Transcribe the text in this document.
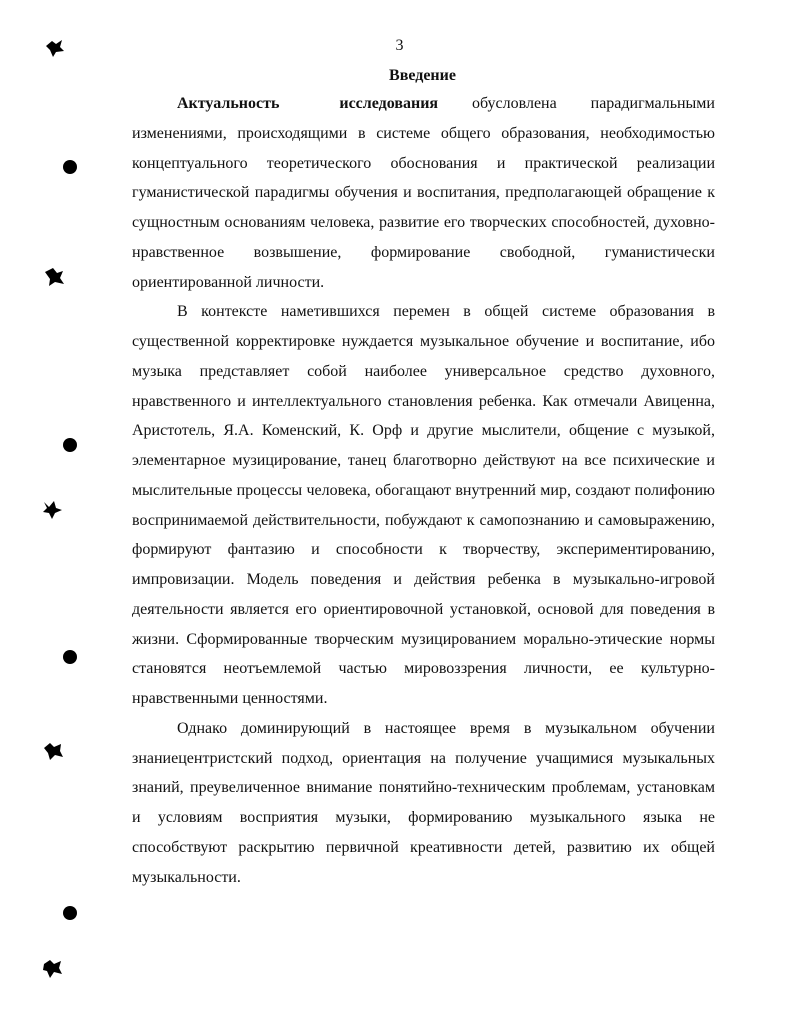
3
Введение

Актуальность исследования обусловлена парадигмальными изменениями, происходящими в системе общего образования, необходимостью концептуального теоретического обоснования и практической реализации гуманистической парадигмы обучения и воспитания, предполагающей обращение к сущностным основаниям человека, развитие его творческих способностей, духовно-нравственное возвышение, формирование свободной, гуманистически ориентированной личности.

В контексте наметившихся перемен в общей системе образования в существенной корректировке нуждается музыкальное обучение и воспитание, ибо музыка представляет собой наиболее универсальное средство духовного, нравственного и интеллектуального становления ребенка. Как отмечали Авиценна, Аристотель, Я.А. Коменский, К. Орф и другие мыслители, общение с музыкой, элементарное музицирование, танец благотворно действуют на все психические и мыслительные процессы человека, обогащают внутренний мир, создают полифонию воспринимаемой действительности, побуждают к самопознанию и самовыражению, формируют фантазию и способности к творчеству, экспериментированию, импровизации. Модель поведения и действия ребенка в музыкально-игровой деятельности является его ориентировочной установкой, основой для поведения в жизни. Сформированные творческим музицированием морально-этические нормы становятся неотъемлемой частью мировоззрения личности, ее культурно-нравственными ценностями.

Однако доминирующий в настоящее время в музыкальном обучении знаниецентристский подход, ориентация на получение учащимися музыкальных знаний, преувеличенное внимание понятийно-техническим проблемам, установкам и условиям восприятия музыки, формированию музыкального языка не способствуют раскрытию первичной креативности детей, развитию их общей музыкальности.
